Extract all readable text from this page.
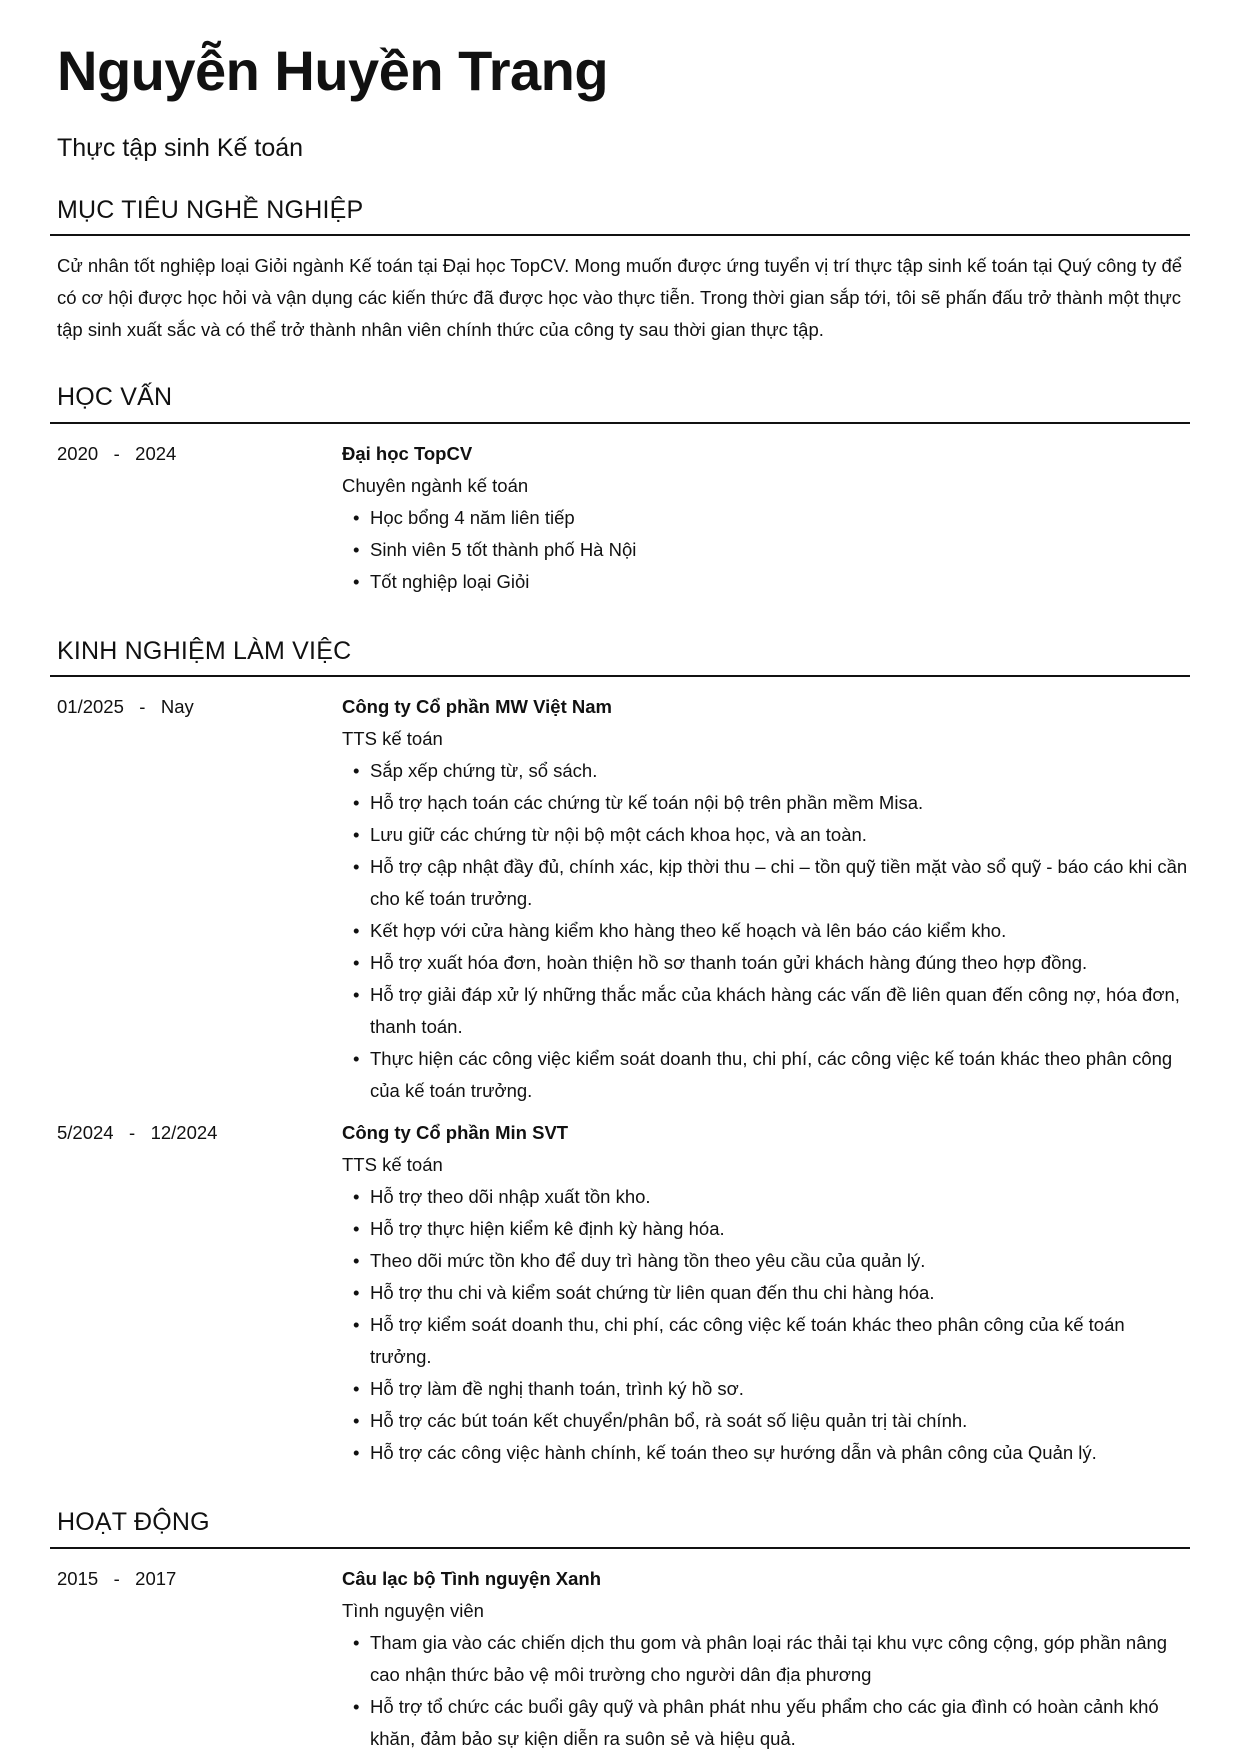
Nguyễn Huyền Trang
Thực tập sinh Kế toán
MỤC TIÊU NGHỀ NGHIỆP
Cử nhân tốt nghiệp loại Giỏi ngành Kế toán tại Đại học TopCV. Mong muốn được ứng tuyển vị trí thực tập sinh kế toán tại Quý công ty để có cơ hội được học hỏi và vận dụng các kiến thức đã được học vào thực tiễn. Trong thời gian sắp tới, tôi sẽ phấn đấu trở thành một thực tập sinh xuất sắc và có thể trở thành nhân viên chính thức của công ty sau thời gian thực tập.
HỌC VẤN
2020   -   2024	Đại học TopCV
Chuyên ngành kế toán
• Học bổng 4 năm liên tiếp
• Sinh viên 5 tốt thành phố Hà Nội
• Tốt nghiệp loại Giỏi
KINH NGHIỆM LÀM VIỆC
01/2025   -   Nay	Công ty Cổ phần MW Việt Nam
TTS kế toán
• Sắp xếp chứng từ, sổ sách.
• Hỗ trợ hạch toán các chứng từ kế toán nội bộ trên phần mềm Misa.
• Lưu giữ các chứng từ nội bộ một cách khoa học, và an toàn.
• Hỗ trợ cập nhật đầy đủ, chính xác, kịp thời thu – chi – tồn quỹ tiền mặt vào sổ quỹ - báo cáo khi cần cho kế toán trưởng.
• Kết hợp với cửa hàng kiểm kho hàng theo kế hoạch và lên báo cáo kiểm kho.
• Hỗ trợ xuất hóa đơn, hoàn thiện hồ sơ thanh toán gửi khách hàng đúng theo hợp đồng.
• Hỗ trợ giải đáp xử lý những thắc mắc của khách hàng các vấn đề liên quan đến công nợ, hóa đơn, thanh toán.
• Thực hiện các công việc kiểm soát doanh thu, chi phí, các công việc kế toán khác theo phân công của kế toán trưởng.
5/2024   -   12/2024	Công ty Cổ phần Min SVT
TTS kế toán
• Hỗ trợ theo dõi nhập xuất tồn kho.
• Hỗ trợ thực hiện kiểm kê định kỳ hàng hóa.
• Theo dõi mức tồn kho để duy trì hàng tồn theo yêu cầu của quản lý.
• Hỗ trợ thu chi và kiểm soát chứng từ liên quan đến thu chi hàng hóa.
• Hỗ trợ kiểm soát doanh thu, chi phí, các công việc kế toán khác theo phân công của kế toán trưởng.
• Hỗ trợ làm đề nghị thanh toán, trình ký hồ sơ.
• Hỗ trợ các bút toán kết chuyển/phân bổ, rà soát số liệu quản trị tài chính.
• Hỗ trợ các công việc hành chính, kế toán theo sự hướng dẫn và phân công của Quản lý.
HOẠT ĐỘNG
2015   -   2017	Câu lạc bộ Tình nguyện Xanh
Tình nguyện viên
• Tham gia vào các chiến dịch thu gom và phân loại rác thải tại khu vực công cộng, góp phần nâng cao nhận thức bảo vệ môi trường cho người dân địa phương
• Hỗ trợ tổ chức các buổi gây quỹ và phân phát nhu yếu phẩm cho các gia đình có hoàn cảnh khó khăn, đảm bảo sự kiện diễn ra suôn sẻ và hiệu quả.
